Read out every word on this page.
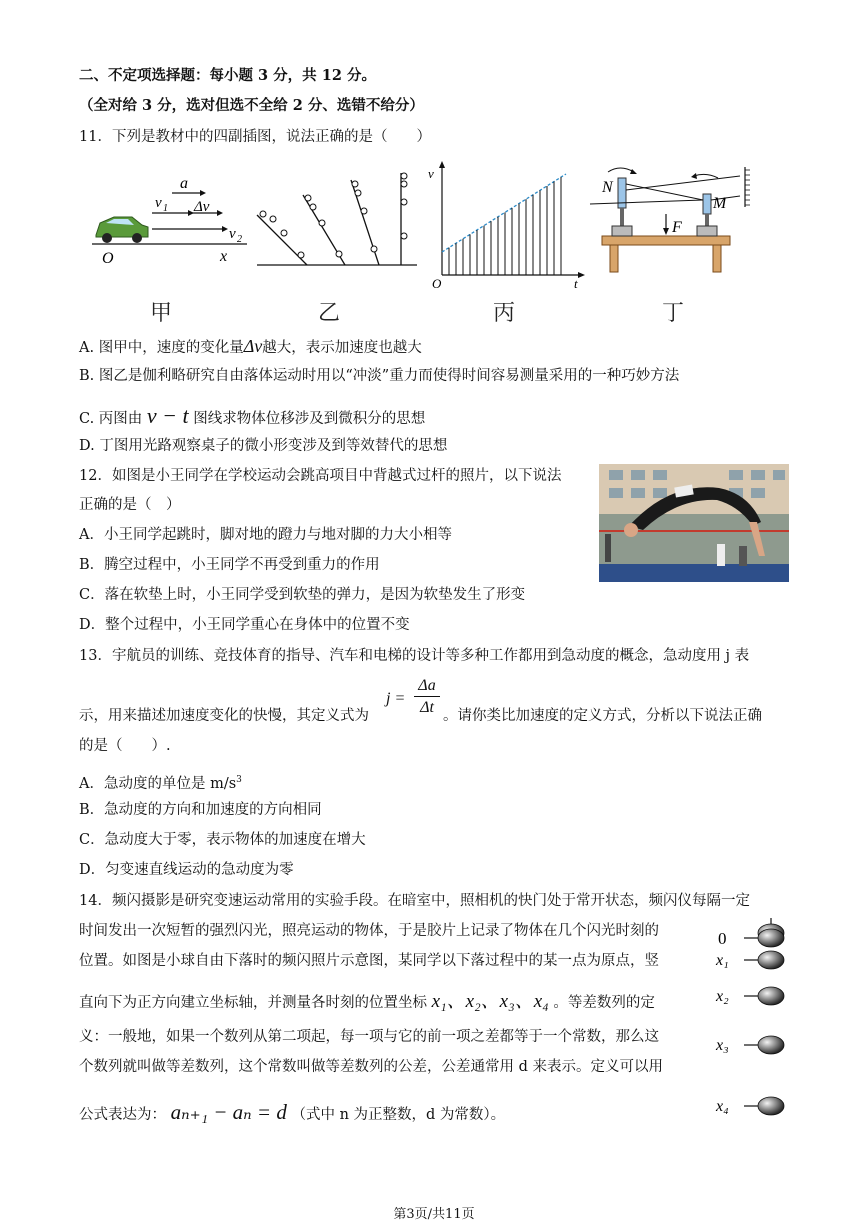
二、不定项选择题：每小题 3 分，共 12 分。
（全对给 3 分，选对但选不全给 2 分、选错不给分）
11．下列是教材中的四副插图，说法正确的是（　　）
a
v 1 Δv
v 2
O	x
v
t
O
N
M
F
甲	乙	丙	丁
A. 图甲中，速度的变化量Δv越大，表示加速度也越大
B. 图乙是伽利略研究自由落体运动时用以“冲淡”重力而使得时间容易测量采用的一种巧妙方法
C. 丙图由 v − t 图线求物体位移涉及到微积分的思想
D. 丁图用光路观察桌子的微小形变涉及到等效替代的思想
12．如图是小王同学在学校运动会跳高项目中背越式过杆的照片，以下说法
正确的是（　）
A．小王同学起跳时，脚对地的蹬力与地对脚的力大小相等
B．腾空过程中，小王同学不再受到重力的作用
C．落在软垫上时，小王同学受到软垫的弹力，是因为软垫发生了形变
D．整个过程中，小王同学重心在身体中的位置不变
13．宇航员的训练、竞技体育的指导、汽车和电梯的设计等多种工作都用到急动度的概念，急动度用 j 表
示，用来描述加速度变化的快慢，其定义式为
$j = \frac{\Delta a}{\Delta t}$ 。请你类比加速度的定义方式，分析以下说法正确
的是（　　）.
A．急动度的单位是 $m/s^3$
B．急动度的方向和加速度的方向相同
C．急动度大于零，表示物体的加速度在增大
D．匀变速直线运动的急动度为零
14．频闪摄影是研究变速运动常用的实验手段。在暗室中，照相机的快门处于常开状态，频闪仪每隔一定
时间发出一次短暂的强烈闪光，照亮运动的物体，于是胶片上记录了物体在几个闪光时刻的
位置。如图是小球自由下落时的频闪照片示意图，某同学以下落过程中的某一点为原点，竖
直向下为正方向建立坐标轴，并测量各时刻的位置坐标 x₁、x₂、x₃、x₄ 。等差数列的定
义：一般地，如果一个数列从第二项起，每一项与它的前一项之差都等于一个常数，那么这
个数列就叫做等差数列，这个常数叫做等差数列的公差，公差通常用 d 来表示。定义可以用
公式表达为： aₙ₊₁ − aₙ = d （式中 n 为正整数，d 为常数）。
0
x₁
x₂
x₃
x₄
第3页/共11页
